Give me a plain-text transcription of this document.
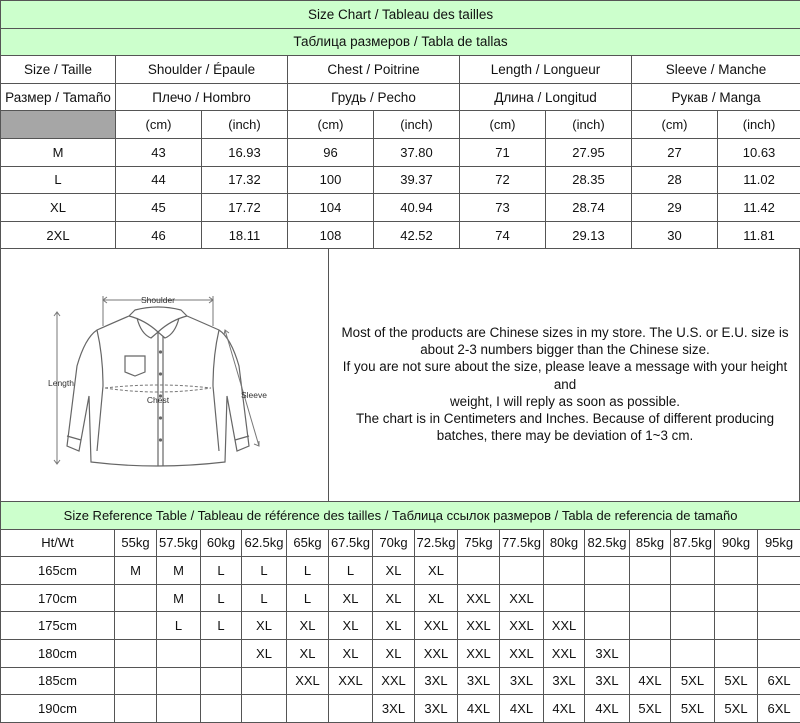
Size Chart / Tableau des tailles								
Таблица размеров / Tabla de tallas								
Size / Taille	Shoulder / Épaule		Chest / Poitrine		Length / Longueur		Sleeve / Manche	
Размер / Tamaño	Плечо / Hombro		Грудь / Pecho		Длина / Longitud		Рукав / Manga	
	(cm)	(inch)	(cm)	(inch)	(cm)	(inch)	(cm)	(inch)
M	43	16.93	96	37.80	71	27.95	27	10.63
L	44	17.32	100	39.37	72	28.35	28	11.02
XL	45	17.72	104	40.94	73	28.74	29	11.42
2XL	46	18.11	108	42.52	74	29.13	30	11.81
Shoulder
Chest
Length
Sleeve

Most of the products are Chinese sizes in my store. The U.S. or E.U. size is

about 2-3 numbers bigger than the Chinese size.

If you are not sure about the size, please leave a message with your height and

weight, I will reply as soon as possible.

The chart is in Centimeters and Inches. Because of different producing

batches, there may be deviation of 1~3 cm.

Size Reference Table / Tableau de référence des tailles / Таблица ссылок размеров / Tabla de referencia de tamaño																
Ht/Wt	55kg	57.5kg	60kg	62.5kg	65kg	67.5kg	70kg	72.5kg	75kg	77.5kg	80kg	82.5kg	85kg	87.5kg	90kg	95kg
165cm	M	M	L	L	L	L	XL	XL								
170cm		M	L	L	L	XL	XL	XL	XXL	XXL						
175cm		L	L	XL	XL	XL	XL	XXL	XXL	XXL	XXL					
180cm				XL	XL	XL	XL	XXL	XXL	XXL	XXL	3XL				
185cm					XXL	XXL	XXL	3XL	3XL	3XL	3XL	3XL	4XL	5XL	5XL	6XL
190cm							3XL	3XL	4XL	4XL	4XL	4XL	5XL	5XL	5XL	6XL
